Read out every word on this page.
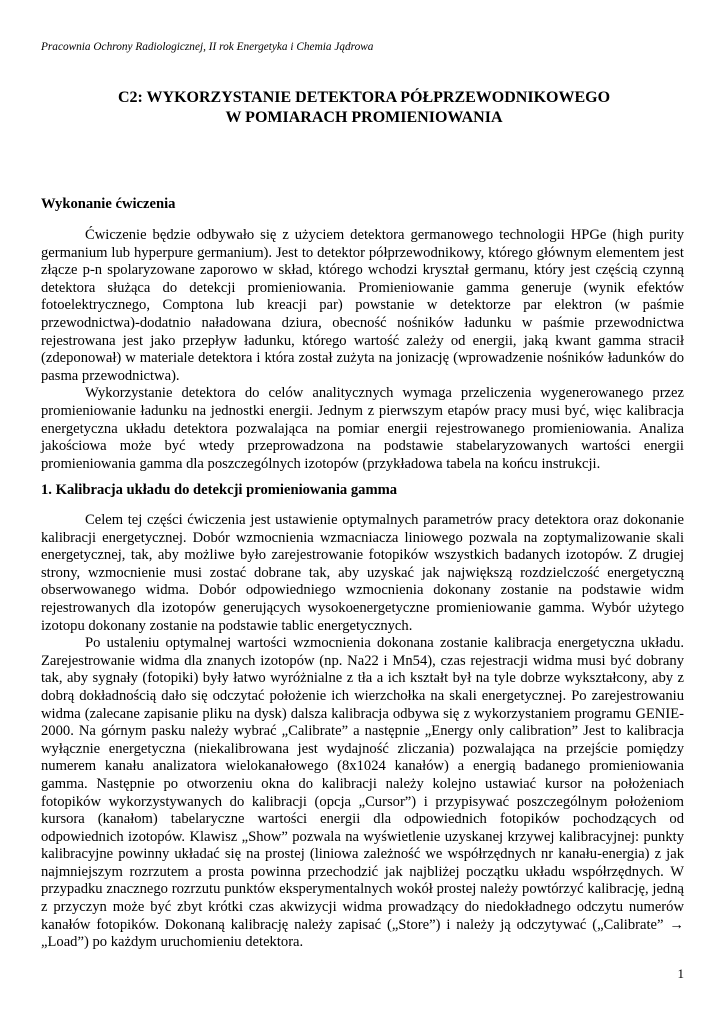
Pracownia Ochrony Radiologicznej, II rok Energetyka i Chemia Jądrowa
C2: WYKORZYSTANIE DETEKTORA PÓŁPRZEWODNIKOWEGO
W POMIARACH PROMIENIOWANIA
Wykonanie ćwiczenia

Ćwiczenie będzie odbywało się z użyciem detektora germanowego technologii HPGe (high purity germanium lub hyperpure germanium). Jest to detektor półprzewodnikowy, którego głównym elementem jest złącze p-n spolaryzowane zaporowo w skład, którego wchodzi kryształ germanu, który jest częścią czynną detektora służąca do detekcji promieniowania. Promieniowanie gamma generuje (wynik efektów fotoelektrycznego, Comptona lub kreacji par) powstanie w detektorze par elektron (w paśmie przewodnictwa)-dodatnio naładowana dziura, obecność nośników ładunku w paśmie przewodnictwa rejestrowana jest jako przepływ ładunku, którego wartość zależy od energii, jaką kwant gamma stracił (zdeponował) w materiale detektora i która został zużyta na jonizację (wprowadzenie nośników ładunków do pasma przewodnictwa).

Wykorzystanie detektora do celów analitycznych wymaga przeliczenia wygenerowanego przez promieniowanie ładunku na jednostki energii. Jednym z pierwszym etapów pracy musi być, więc kalibracja energetyczna układu detektora pozwalająca na pomiar energii rejestrowanego promieniowania. Analiza jakościowa może być wtedy przeprowadzona na podstawie stabelaryzowanych wartości energii promieniowania gamma dla poszczególnych izotopów (przykładowa tabela na końcu instrukcji.

1. Kalibracja układu do detekcji promieniowania gamma

Celem tej części ćwiczenia jest ustawienie optymalnych parametrów pracy detektora oraz dokonanie kalibracji energetycznej. Dobór wzmocnienia wzmacniacza liniowego pozwala na zoptymalizowanie skali energetycznej, tak, aby możliwe było zarejestrowanie fotopików wszystkich badanych izotopów. Z drugiej strony, wzmocnienie musi zostać dobrane tak, aby uzyskać jak największą rozdzielczość energetyczną obserwowanego widma. Dobór odpowiedniego wzmocnienia dokonany zostanie na podstawie widm rejestrowanych dla izotopów generujących wysokoenergetyczne promieniowanie gamma. Wybór użytego izotopu dokonany zostanie na podstawie tablic energetycznych.

Po ustaleniu optymalnej wartości wzmocnienia dokonana zostanie kalibracja energetyczna układu. Zarejestrowanie widma dla znanych izotopów (np. Na22 i Mn54), czas rejestracji widma musi być dobrany tak, aby sygnały (fotopiki) były łatwo wyróżnialne z tła a ich kształt był na tyle dobrze wykształcony, aby z dobrą dokładnością dało się odczytać położenie ich wierzchołka na skali energetycznej. Po zarejestrowaniu widma (zalecane zapisanie pliku na dysk) dalsza kalibracja odbywa się z wykorzystaniem programu GENIE-2000. Na górnym pasku należy wybrać „Calibrate” a następnie „Energy only calibration” Jest to kalibracja wyłącznie energetyczna (niekalibrowana jest wydajność zliczania) pozwalająca na przejście pomiędzy numerem kanału analizatora wielokanałowego (8x1024 kanałów) a energią badanego promieniowania gamma. Następnie po otworzeniu okna do kalibracji należy kolejno ustawiać kursor na położeniach fotopików wykorzystywanych do kalibracji (opcja „Cursor”) i przypisywać poszczególnym położeniom kursora (kanałom) tabelaryczne wartości energii dla odpowiednich fotopików pochodzących od odpowiednich izotopów. Klawisz „Show” pozwala na wyświetlenie uzyskanej krzywej kalibracyjnej: punkty kalibracyjne powinny układać się na prostej (liniowa zależność we współrzędnych nr kanału-energia) z jak najmniejszym rozrzutem a prosta powinna przechodzić jak najbliżej początku układu współrzędnych. W przypadku znacznego rozrzutu punktów eksperymentalnych wokół prostej należy powtórzyć kalibrację, jedną z przyczyn może być zbyt krótki czas akwizycji widma prowadzący do niedokładnego odczytu numerów kanałów fotopików. Dokonaną kalibrację należy zapisać („Store”) i należy ją odczytywać („Calibrate” → „Load”) po każdym uruchomieniu detektora.

1
